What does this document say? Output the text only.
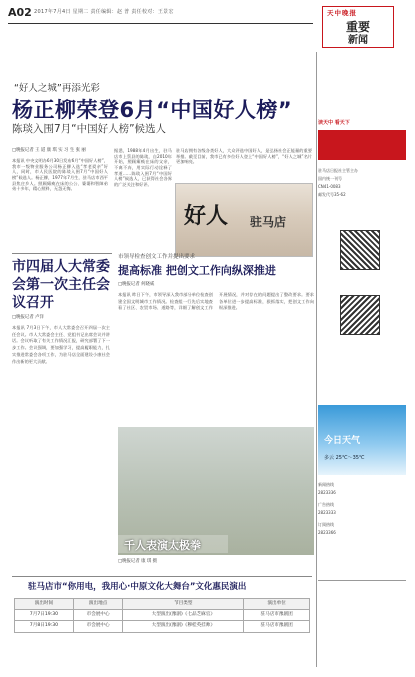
A02 2017年7月4日 星期二 责任编辑：赵 普 责任校对：王景宏	天中晚报
重要
新闻
“好人之城”再添光彩
杨正柳荣登6月“中国好人榜”
陈琰入围7月“中国好人榜”候选人
□晚报记者 王 道 康 琪 实 习 生 张 丽
本报讯 中央文明办6月30日发布6月“中国好人榜”，我市一级物业服务公司杨正柳入选“孝老爱亲”好人，同时，市人民医院的陈琰入围7月“中国好人榜”候选人。杨正柳，1977年7月生，驻马店市西平县焦庄乡人。照顾瘫痪在床的公公、婆婆和智障弟弟十多年，精心照料，无怨无悔。
据悉，1988年4月出生，驻马店市上蔡县的陈琰，自2010年开始，照顾瘫痪在床的父亲，不离不弃，用实际行动诠释了孝道……陈琰入围7月“中国好人榜”候选人，已获得社会各界的广泛关注和好评。
驻马店拥有各级各类好人，大众评选中国好人，是弘扬社会正能量的重要举措。截至目前，我市已有多位好人登上“中国好人榜”，“好人之城”名片更加响亮。
好人 驻马店
市四届人大常委会第一次主任会议召开
□晚报记者 卢洋
本报讯 7月3日下午，市人大常委会召开四届一次主任会议。市人大常委会主任、党组书记出席会议并讲话。会议听取了有关工作情况汇报，研究部署了下一步工作。会议强调，要加强学习，提高履职能力，扎实推进常委会各项工作，为驻马店全面建设小康社会作出新的更大贡献。
市领导检查创文工作并提出要求
提高标准 把创文工作向纵深推进
□晚报记者 何晓威
本报讯 昨日下午，市领导深入我市部分单位检查创建全国文明城市工作情况。检查组一行先后实地查看了社区、农贸市场、道路等，详细了解创文工作开展情况，并对存在的问题提出了整改要求。要求各单位进一步提高标准，狠抓落实，把创文工作向纵深推进。
千人表演太极拳
□晚报记者 康 琪 摄
驻马店市“你用电，我用心·中原文化大舞台”文化惠民演出
演出时间	演出地点	节目类型	演出单位
7月7日19:30	市会展中心	大型演出(豫剧)《七品芝麻官》	驻马店市豫剧团
7月8日19:30	市会展中心	大型演出(豫剧)《穆桂英挂帅》	驻马店市豫剧团
读天中 看天下
驻马店日报社主管主办
国内统一刊号
CN41-0083
邮发代号35-62
今日天气
多云 25℃～35℃
新闻热线
2823336
广告热线
2823333
订阅热线
2823366
